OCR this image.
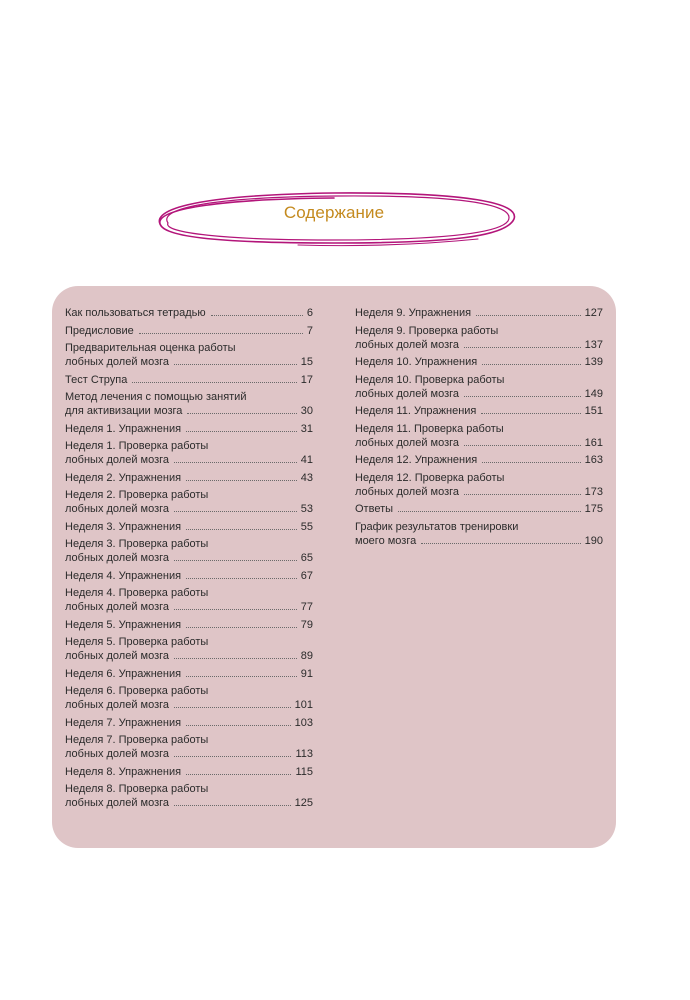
Содержание
Как пользоваться тетрадью	6
Предисловие	7
Предварительная оценка работы
лобных долей мозга	15
Тест Струпа	17
Метод лечения с помощью занятий
для активизации мозга	30
Неделя 1. Упражнения	31
Неделя 1. Проверка работы
лобных долей мозга	41
Неделя 2. Упражнения	43
Неделя 2. Проверка работы
лобных долей мозга	53
Неделя 3. Упражнения	55
Неделя 3. Проверка работы
лобных долей мозга	65
Неделя 4. Упражнения	67
Неделя 4. Проверка работы
лобных долей мозга	77
Неделя 5. Упражнения	79
Неделя 5. Проверка работы
лобных долей мозга	89
Неделя 6. Упражнения	91
Неделя 6. Проверка работы
лобных долей мозга	101
Неделя 7. Упражнения	103
Неделя 7. Проверка работы
лобных долей мозга	113
Неделя 8. Упражнения	115
Неделя 8. Проверка работы
лобных долей мозга	125
Неделя 9. Упражнения	127
Неделя 9. Проверка работы
лобных долей мозга	137
Неделя 10. Упражнения	139
Неделя 10. Проверка работы
лобных долей мозга	149
Неделя 11. Упражнения	151
Неделя 11. Проверка работы
лобных долей мозга	161
Неделя 12. Упражнения	163
Неделя 12. Проверка работы
лобных долей мозга	173
Ответы	175
График результатов тренировки
моего мозга	190
